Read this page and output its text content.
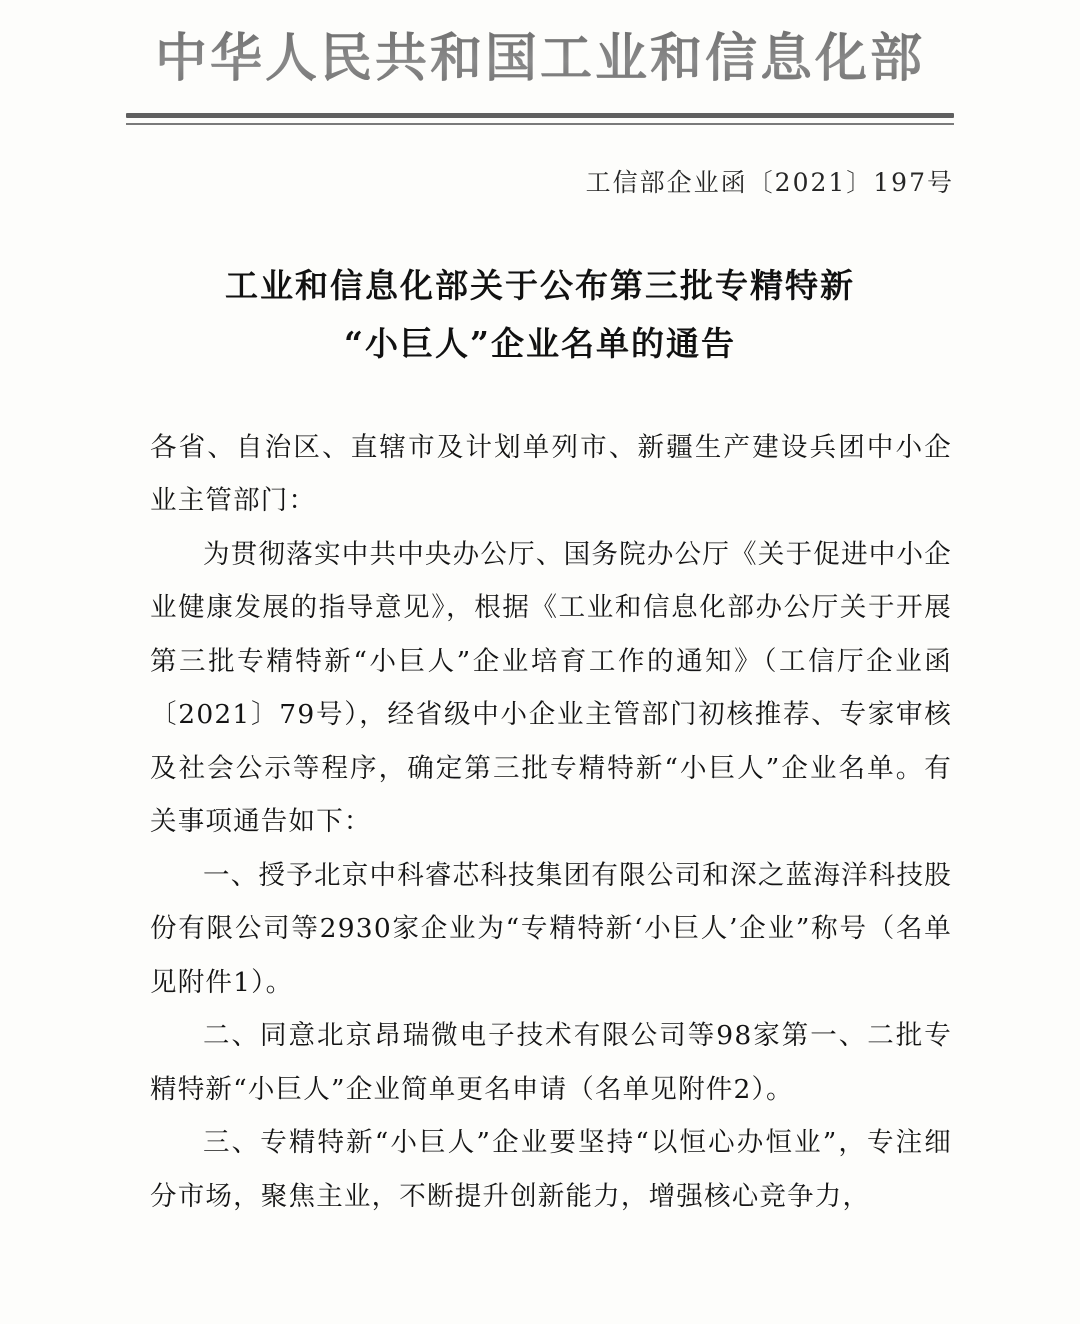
中华人民共和国工业和信息化部
工信部企业函〔2021〕197号
工业和信息化部关于公布第三批专精特新
“小巨人”企业名单的通告

各省、自治区、直辖市及计划单列市、新疆生产建设兵团中小企业主管部门：

为贯彻落实中共中央办公厅、国务院办公厅《关于促进中小企业健康发展的指导意见》，根据《工业和信息化部办公厅关于开展第三批专精特新“小巨人”企业培育工作的通知》（工信厅企业函〔2021〕79号），经省级中小企业主管部门初核推荐、专家审核及社会公示等程序，确定第三批专精特新“小巨人”企业名单。有关事项通告如下：

一、授予北京中科睿芯科技集团有限公司和深之蓝海洋科技股份有限公司等2930家企业为“专精特新‘小巨人’企业”称号（名单见附件1）。

二、同意北京昂瑞微电子技术有限公司等98家第一、二批专精特新“小巨人”企业简单更名申请（名单见附件2）。

三、专精特新“小巨人”企业要坚持“以恒心办恒业”，专注细分市场，聚焦主业，不断提升创新能力，增强核心竞争力，
